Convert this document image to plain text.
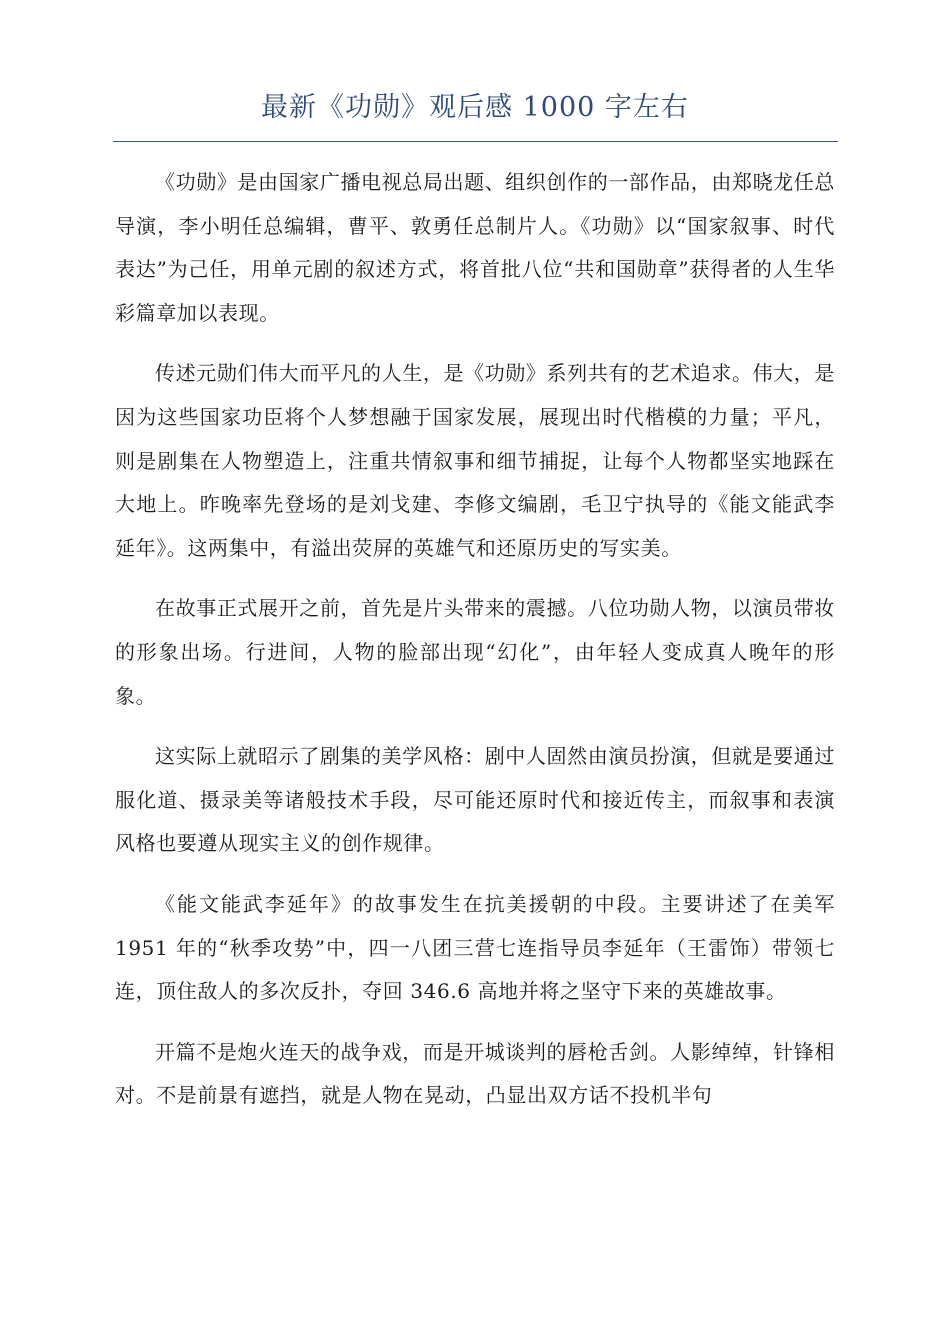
最新《功勋》观后感 1000 字左右

《功勋》是由国家广播电视总局出题、组织创作的一部作品，由郑晓龙任总导演，李小明任总编辑，曹平、敦勇任总制片人。《功勋》以“国家叙事、时代表达”为己任，用单元剧的叙述方式，将首批八位“共和国勋章”获得者的人生华彩篇章加以表现。

传述元勋们伟大而平凡的人生，是《功勋》系列共有的艺术追求。伟大，是因为这些国家功臣将个人梦想融于国家发展，展现出时代楷模的力量；平凡，则是剧集在人物塑造上，注重共情叙事和细节捕捉，让每个人物都坚实地踩在大地上。昨晚率先登场的是刘戈建、李修文编剧，毛卫宁执导的《能文能武李延年》。这两集中，有溢出荧屏的英雄气和还原历史的写实美。

在故事正式展开之前，首先是片头带来的震撼。八位功勋人物，以演员带妆的形象出场。行进间，人物的脸部出现“幻化”，由年轻人变成真人晚年的形象。

这实际上就昭示了剧集的美学风格：剧中人固然由演员扮演，但就是要通过服化道、摄录美等诸般技术手段，尽可能还原时代和接近传主，而叙事和表演风格也要遵从现实主义的创作规律。

《能文能武李延年》的故事发生在抗美援朝的中段。主要讲述了在美军 1951 年的“秋季攻势”中，四一八团三营七连指导员李延年（王雷饰）带领七连，顶住敌人的多次反扑，夺回 346.6 高地并将之坚守下来的英雄故事。

开篇不是炮火连天的战争戏，而是开城谈判的唇枪舌剑。人影绰绰，针锋相对。不是前景有遮挡，就是人物在晃动，凸显出双方话不投机半句
